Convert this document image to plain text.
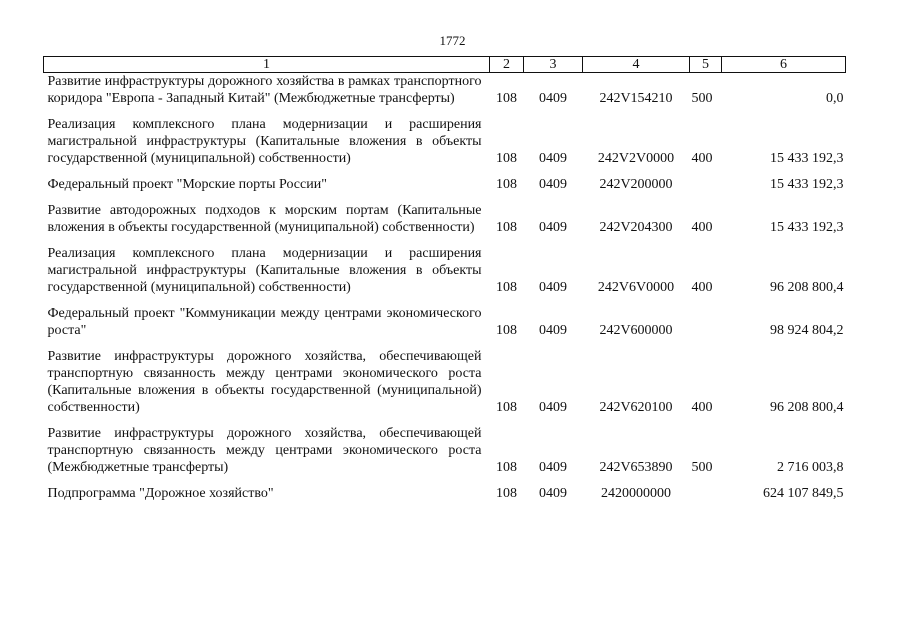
1772
1	2	3	4	5	6
Развитие инфраструктуры дорожного хозяйства в рамках транспортного коридора "Европа - Западный Китай" (Межбюджетные трансферты)	108	0409	242V154210	500	0,0
Реализация комплексного плана модернизации и расширения магистральной инфраструктуры (Капитальные вложения в объекты государственной (муниципальной) собственности)	108	0409	242V2V0000	400	15 433 192,3
Федеральный проект "Морские порты России"	108	0409	242V200000		15 433 192,3
Развитие автодорожных подходов к морским портам (Капитальные вложения в объекты государственной (муниципальной) собственности)	108	0409	242V204300	400	15 433 192,3
Реализация комплексного плана модернизации и расширения магистральной инфраструктуры (Капитальные вложения в объекты государственной (муниципальной) собственности)	108	0409	242V6V0000	400	96 208 800,4
Федеральный проект "Коммуникации между центрами экономического роста"	108	0409	242V600000		98 924 804,2
Развитие инфраструктуры дорожного хозяйства, обеспечивающей транспортную связанность между центрами экономического роста (Капитальные вложения в объекты государственной (муниципальной) собственности)	108	0409	242V620100	400	96 208 800,4
Развитие инфраструктуры дорожного хозяйства, обеспечивающей транспортную связанность между центрами экономического роста (Межбюджетные трансферты)	108	0409	242V653890	500	2 716 003,8
Подпрограмма "Дорожное хозяйство"	108	0409	2420000000		624 107 849,5
